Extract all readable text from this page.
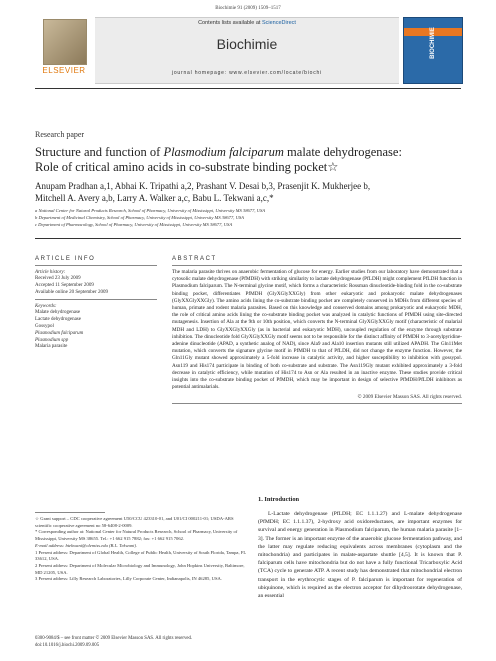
Biochimie 91 (2009) 1509–1517
ELSEVIER
Contents lists available at ScienceDirect
Biochimie
journal homepage: www.elsevier.com/locate/biochi
BIOCHIMIE
Research paper
Structure and function of Plasmodium falciparum malate dehydrogenase:
Role of critical amino acids in co-substrate binding pocket☆
Anupam Pradhan a,1, Abhai K. Tripathi a,2, Prashant V. Desai b,3, Prasenjit K. Mukherjee b,
Mitchell A. Avery a,b, Larry A. Walker a,c, Babu L. Tekwani a,c,*
a National Center for Natural Products Research, School of Pharmacy, University of Mississippi, University MS 38677, USA
b Department of Medicinal Chemistry, School of Pharmacy, University of Mississippi, University MS 38677, USA
c Department of Pharmacology, School of Pharmacy, University of Mississippi, University MS 38677, USA
ARTICLE INFO
Article history:
Received 23 July 2009
Accepted 11 September 2009
Available online 20 September 2009
Keywords:
Malate dehydrogenase
Lactate dehydrogenase
Gossypol
Plasmodium falciparum
Plasmodium spp
Malaria parasite
ABSTRACT
The malaria parasite thrives on anaerobic fermentation of glucose for energy. Earlier studies from our laboratory have demonstrated that a cytosolic malate dehydrogenase (PfMDH) with striking similarity to lactate dehydrogenase (PfLDH) might complement PfLDH function in Plasmodium falciparum. The N-terminal glycine motif, which forms a characteristic Rossman dinucleotide-binding fold in the co-substrate binding pocket, differentiates PfMDH (GlyXGlyXXGly) from other eukaryotic and prokaryotic malate dehydrogenases (GlyXXGlyXXGly). The amino acids lining the co-substrate binding pocket are completely conserved in MDHs from different species of human, primate and rodent malaria parasites. Based on this knowledge and conserved domains among prokaryotic and eukaryotic MDH, the role of critical amino acids lining the co-substrate binding pocket was analyzed in catalytic functions of PfMDH using site-directed mutagenesis. Insertion of Ala at the 9th or 10th position, which converts the N-terminal GlyXGlyXXGly motif (characteristic of malarial MDH and LDH) to GlyXXGlyXXGly (as in bacterial and eukaryotic MDH), uncoupled regulation of the enzyme through substrate inhibition. The dinucleotide fold GlyXGlyXXGly motif seems not to be responsible for the distinct affinity of PfMDH to 3-acetylpyridine-adenine dinucleotide (APAD, a synthetic analog of NAD), since Ala9 and Ala10 insertion mutants still utilized APADH. The Gln11Met mutation, which converts the signature glycine motif in PfMDH to that of PfLDH, did not change the enzyme function. However, the Gln11Gly mutant showed approximately a 5-fold increase in catalytic activity, and higher susceptibility to inhibition with gossypol. Asn119 and His174 participate in binding of both co-substrate and substrate. The Asn119Gly mutant exhibited approximately a 3-fold decrease in catalytic efficiency, while mutation of His174 to Asn or Ala resulted in an inactive enzyme. These studies provide critical insights into the co-substrate binding pocket of PfMDH, which may be important in design of selective PfMDH/PfLDH inhibitors as potential antimalarials.
© 2009 Elsevier Masson SAS. All rights reserved.
1. Introduction
L-Lactate dehydrogenase (PfLDH; EC 1.1.1.27) and L-malate dehydrogenase (PfMDH; EC 1.1.1.37), 2-hydroxy acid oxidoreductases, are important enzymes for survival and energy generation in Plasmodium falciparum, the human malaria parasite [1–3]. The former is an important enzyme of the anaerobic glucose fermentation pathway, and the latter may regulate reducing equivalents across membranes (cytoplasm and the mitochondria) and participates in malate-aspartate shuttle [4,5]. It is known that P. falciparum cells have mitochondria but do not have a fully functional Tricarboxylic Acid (TCA) cycle to generate ATP. A recent study has demonstrated that mitochondrial electron transport in the erythrocytic stages of P. falciparum is important for regeneration of ubiquinone, which is required as the electron acceptor for dihydroorotate dehydrogenase, an essential
☆ Grant support – CDC cooperative agreement U50/CCU 423310-01, and U01/CI 000211-01; USDA-ARS scientific cooperative agreement no 58-6408-2-0009.
* Corresponding author at: National Center for Natural Products Research, School of Pharmacy, University of Mississippi, University MS 38655. Tel.: +1 662 915 7882; fax: +1 662 915 7062.
E-mail address: btekwani@olemiss.edu (B.L. Tekwani).
1 Present address: Department of Global Health, College of Public Health, University of South Florida, Tampa, FL 33612, USA.
2 Present address: Department of Molecular Microbiology and Immunology, John Hopkins University, Baltimore, MD 21205, USA.
3 Present address: Lilly Research Laboratories, Lilly Corporate Center, Indianapolis, IN 46285, USA.
0300-9084/$ – see front matter © 2009 Elsevier Masson SAS. All rights reserved.
doi:10.1016/j.biochi.2009.09.005
